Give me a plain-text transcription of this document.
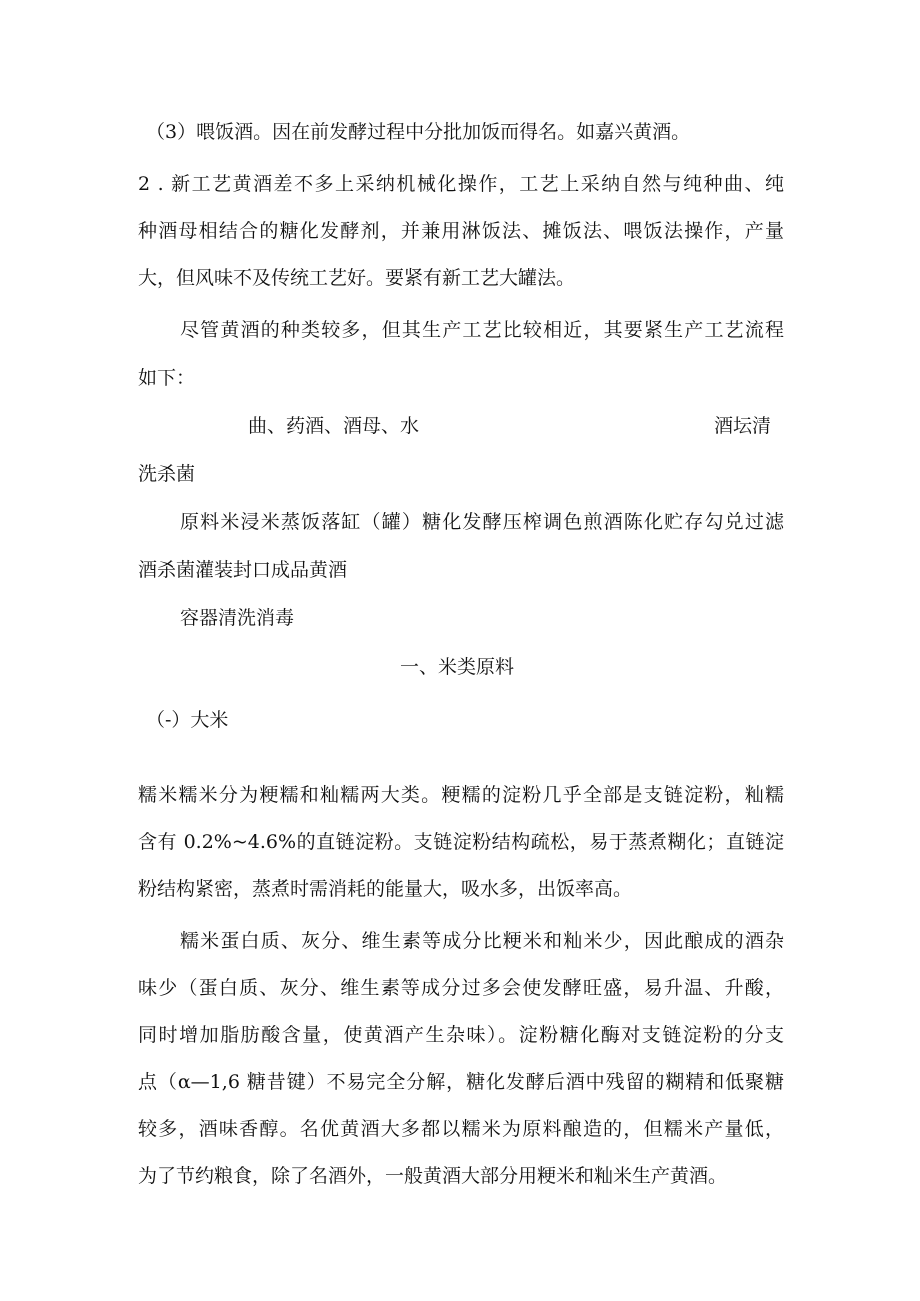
（3）喂饭酒。因在前发酵过程中分批加饭而得名。如嘉兴黄酒。
2 . 新工艺黄酒差不多上采纳机械化操作，工艺上采纳自然与纯种曲、纯
种酒母相结合的糖化发酵剂，并兼用淋饭法、摊饭法、喂饭法操作，产量
大，但风味不及传统工艺好。要紧有新工艺大罐法。
尽管黄酒的种类较多，但其生产工艺比较相近，其要紧生产工艺流程
如下：
曲、药酒、酒母、水	酒坛清
洗杀菌
原料米浸米蒸饭落缸（罐）糖化发酵压榨调色煎酒陈化贮存勾兑过滤
酒杀菌灌装封口成品黄酒
容器清洗消毒
一、米类原料
（-）大米
糯米糯米分为粳糯和籼糯两大类。粳糯的淀粉几乎全部是支链淀粉，籼糯
含有 0.2%~4.6%的直链淀粉。支链淀粉结构疏松，易于蒸煮糊化；直链淀
粉结构紧密，蒸煮时需消耗的能量大，吸水多，出饭率高。
糯米蛋白质、灰分、维生素等成分比粳米和籼米少，因此酿成的酒杂
味少（蛋白质、灰分、维生素等成分过多会使发酵旺盛，易升温、升酸，
同时增加脂肪酸含量，使黄酒产生杂味）。淀粉糖化酶对支链淀粉的分支
点（α—1,6 糖昔键）不易完全分解，糖化发酵后酒中残留的糊精和低聚糖
较多，酒味香醇。名优黄酒大多都以糯米为原料酿造的，但糯米产量低，
为了节约粮食，除了名酒外，一般黄酒大部分用粳米和籼米生产黄酒。
